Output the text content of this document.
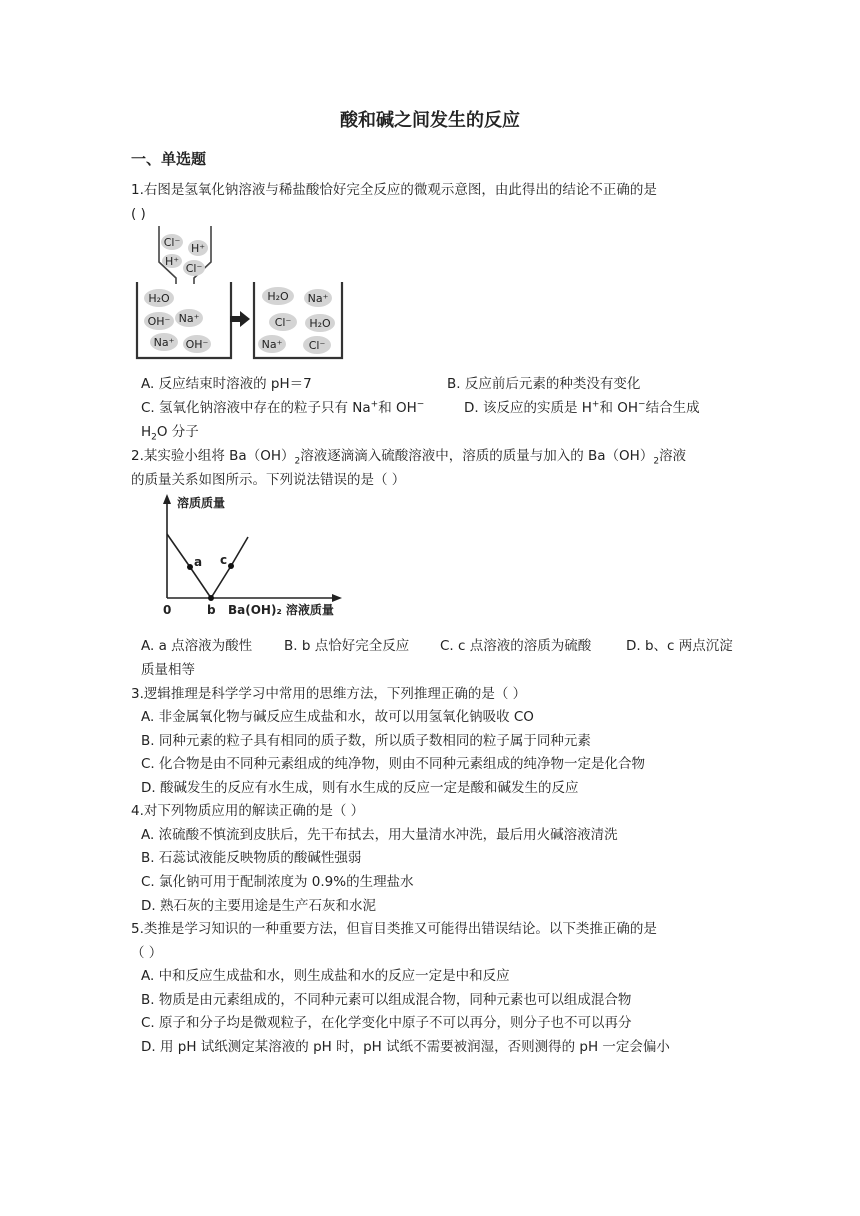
酸和碱之间发生的反应
一、单选题
1.右图是氢氧化钠溶液与稀盐酸恰好完全反应的微观示意图，由此得出的结论不正确的是
( )
Cl⁻ H⁺
H⁺
Cl⁻
H₂O
OH⁻ Na⁺
Na⁺ OH⁻
H₂O Na⁺
Cl⁻ H₂O
Na⁺ Cl⁻
A. 反应结束时溶液的 pH＝7	B. 反应前后元素的种类没有变化
C. 氢氧化钠溶液中存在的粒子只有 Na+和 OH−	D. 该反应的实质是 H+和 OH−结合生成
$H_2O$ 分子
2.某实验小组将 $Ba(OH)_2$溶液逐滴滴入硫酸溶液中，溶质的质量与加入的 $Ba(OH)_2$溶液
的质量关系如图所示。下列说法错误的是（ ）
溶质质量
0
a
b
c
Ba(OH)₂ 溶液质量
A. a 点溶液为酸性 B. b 点恰好完全反应 C. c 点溶液的溶质为硫酸	D. b、c 两点沉淀
质量相等
3.逻辑推理是科学学习中常用的思维方法，下列推理正确的是（ ）
A. 非金属氧化物与碱反应生成盐和水，故可以用氢氧化钠吸收 CO
B. 同种元素的粒子具有相同的质子数，所以质子数相同的粒子属于同种元素
C. 化合物是由不同种元素组成的纯净物，则由不同种元素组成的纯净物一定是化合物
D. 酸碱发生的反应有水生成，则有水生成的反应一定是酸和碱发生的反应
4.对下列物质应用的解读正确的是（ ）
A. 浓硫酸不慎流到皮肤后，先干布拭去，用大量清水冲洗，最后用火碱溶液清洗
B. 石蕊试液能反映物质的酸碱性强弱
C. 氯化钠可用于配制浓度为 0.9%的生理盐水
D. 熟石灰的主要用途是生产石灰和水泥
5.类推是学习知识的一种重要方法，但盲目类推又可能得出错误结论。以下类推正确的是
（ ）
A. 中和反应生成盐和水，则生成盐和水的反应一定是中和反应
B. 物质是由元素组成的，不同种元素可以组成混合物，同种元素也可以组成混合物
C. 原子和分子均是微观粒子，在化学变化中原子不可以再分，则分子也不可以再分
D. 用 pH 试纸测定某溶液的 pH 时，pH 试纸不需要被润湿，否则测得的 pH 一定会偏小
